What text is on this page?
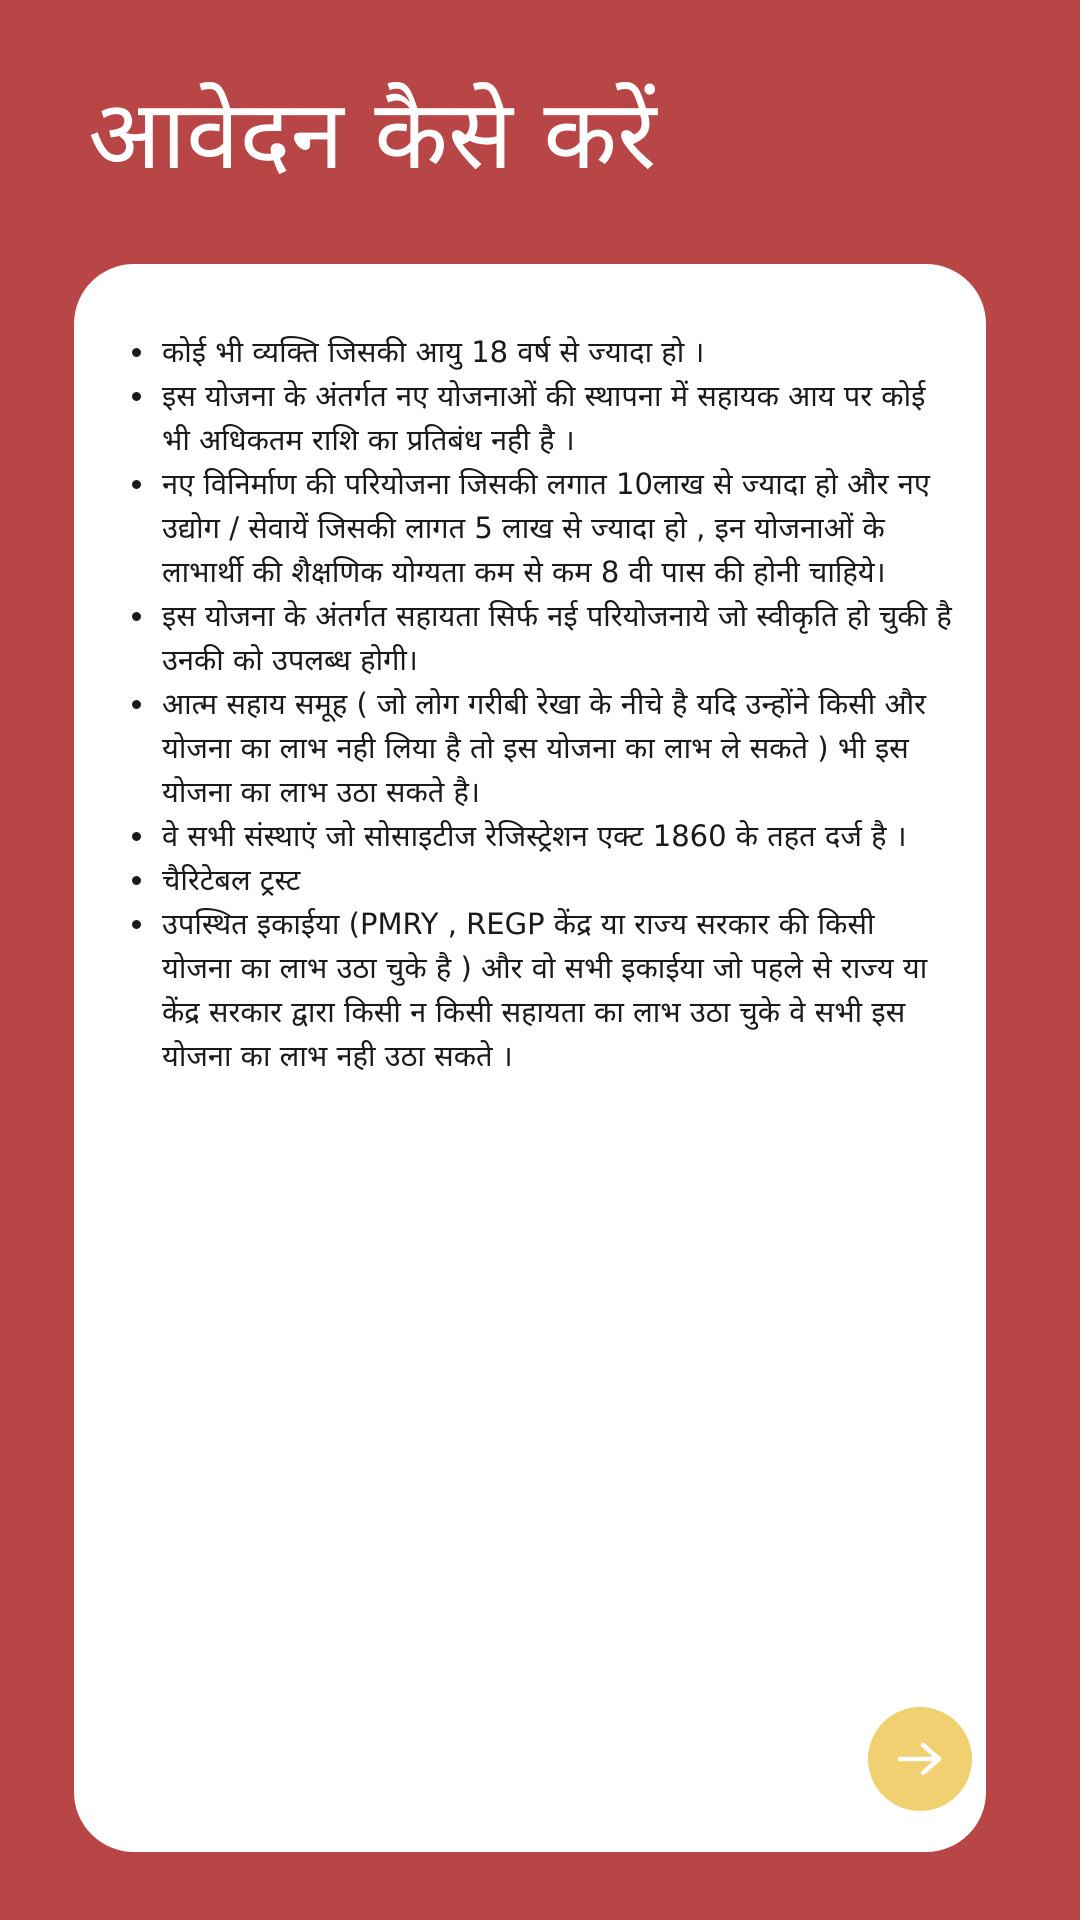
आवेदन कैसे करें
कोई भी व्यक्ति जिसकी आयु 18 वर्ष से ज्यादा हो ।
इस योजना के अंतर्गत नए योजनाओं की स्थापना में सहायक आय पर कोई भी अधिकतम राशि का प्रतिबंध नही है ।
नए विनिर्माण की परियोजना जिसकी लगात 10लाख से ज्यादा हो और नए उद्योग / सेवायें जिसकी लागत 5 लाख से ज्यादा हो , इन योजनाओं के लाभार्थी की शैक्षणिक योग्यता कम से कम 8 वी पास की होनी चाहिये।
इस योजना के अंतर्गत सहायता सिर्फ नई परियोजनाये जो स्वीकृति हो चुकी है उनकी को उपलब्ध होगी।
आत्म सहाय समूह ( जो लोग गरीबी रेखा के नीचे है यदि उन्होंने किसी और योजना का लाभ नही लिया है तो इस योजना का लाभ ले सकते ) भी इस योजना का लाभ उठा सकते है।
वे सभी संस्थाएं जो सोसाइटीज रेजिस्ट्रेशन एक्ट 1860 के तहत दर्ज है ।
चैरिटेबल ट्रस्ट
उपस्थित इकाईया (PMRY , REGP केंद्र या राज्य सरकार की किसी योजना का लाभ उठा चुके है ) और वो सभी इकाईया जो पहले से राज्य या केंद्र सरकार द्वारा किसी न किसी सहायता का लाभ उठा चुके वे सभी इस योजना का लाभ नही उठा सकते ।
